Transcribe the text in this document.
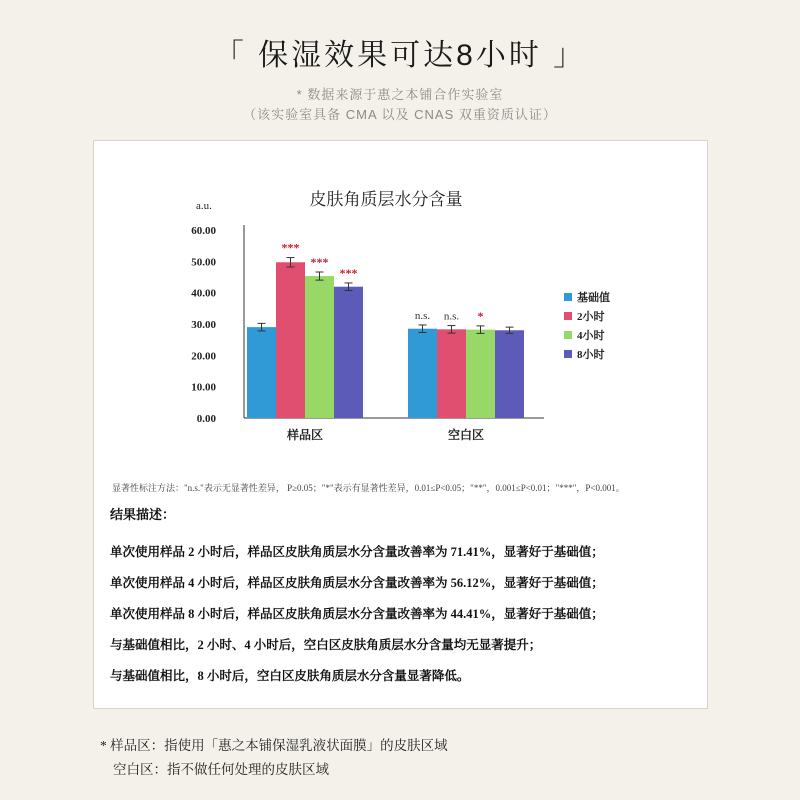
「 保湿效果可达8小时 」
* 数据来源于惠之本铺合作实验室
（该实验室具备 CMA 以及 CNAS 双重资质认证）
皮肤角质层水分含量
a.u.
0.00
10.00
20.00
30.00
40.00
50.00
60.00
***
***
***
样品区
n.s. n.s. *
空白区
基础值
2小时
4小时
8小时
显著性标注方法："n.s."表示无显著性差异， P≥0.05；"*"表示有显著性差异，0.01≤P<0.05；"**"，0.001≤P<0.01；"***"，P<0.001。
结果描述：
单次使用样品 2 小时后，样品区皮肤角质层水分含量改善率为 71.41%，显著好于基础值；
单次使用样品 4 小时后，样品区皮肤角质层水分含量改善率为 56.12%，显著好于基础值；
单次使用样品 8 小时后，样品区皮肤角质层水分含量改善率为 44.41%，显著好于基础值；
与基础值相比，2 小时、4 小时后，空白区皮肤角质层水分含量均无显著提升；
与基础值相比，8 小时后，空白区皮肤角质层水分含量显著降低。
* 样品区：指使用「惠之本铺保湿乳液状面膜」的皮肤区域
空白区：指不做任何处理的皮肤区域
